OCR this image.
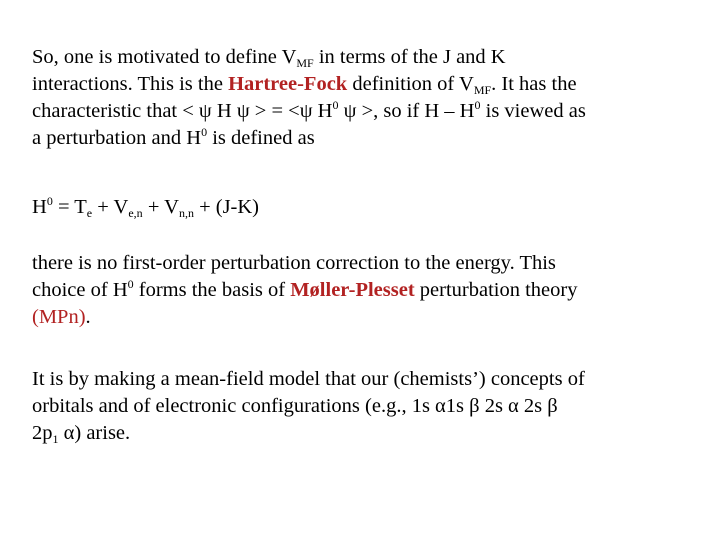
So, one is motivated to define $V_{MF}$ in terms of the J and K
interactions. This is the Hartree-Fock definition of $V_{MF}$. It has the
characteristic that < ψ H ψ > = <ψ $H^0$ ψ >, so if H – $H^0$ is viewed as
a perturbation and $H^0$ is defined as

$H^0 = T_e + V_{e,n} + V_{n,n} + (J-K)$

there is no first-order perturbation correction to the energy. This
choice of $H^0$ forms the basis of Møller-Plesset perturbation theory
(MPn).

It is by making a mean-field model that our (chemists’) concepts of
orbitals and of electronic configurations (e.g., 1s α1s β 2s α 2s β
$2p_1$ α) arise.
